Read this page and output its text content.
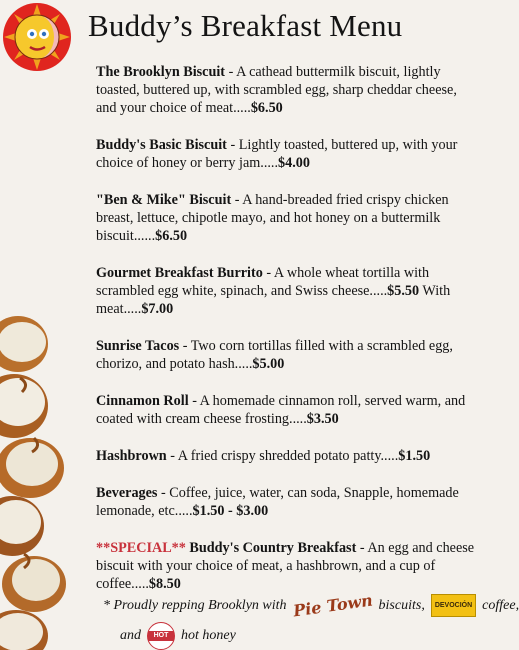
Buddy’s Breakfast Menu

The Brooklyn Biscuit - A cathead buttermilk biscuit, lightly toasted, buttered up, with scrambled egg, sharp cheddar cheese, and your choice of meat.....$6.50

Buddy's Basic Biscuit - Lightly toasted, buttered up, with your choice of honey or berry jam.....$4.00

"Ben & Mike" Biscuit - A hand-breaded fried crispy chicken breast, lettuce, chipotle mayo, and hot honey on a buttermilk biscuit......$6.50

Gourmet Breakfast Burrito - A whole wheat tortilla with scrambled egg white, spinach, and Swiss cheese.....$5.50 With meat.....$7.00

Sunrise Tacos - Two corn tortillas filled with a scrambled egg, chorizo, and potato hash.....$5.00

Cinnamon Roll - A homemade cinnamon roll, served warm, and coated with cream cheese frosting.....$3.50

Hashbrown - A fried crispy shredded potato patty.....$1.50

Beverages - Coffee, juice, water, can soda, Snapple, homemade lemonade, etc.....$1.50 - $3.00

**SPECIAL** Buddy's Country Breakfast - An egg and cheese biscuit with your choice of meat, a hashbrown, and a cup of coffee.....$8.50

* Proudly repping Brooklyn with Pie Town biscuits,	DEVOCIÓN coffee,
and	HOT hot honey
